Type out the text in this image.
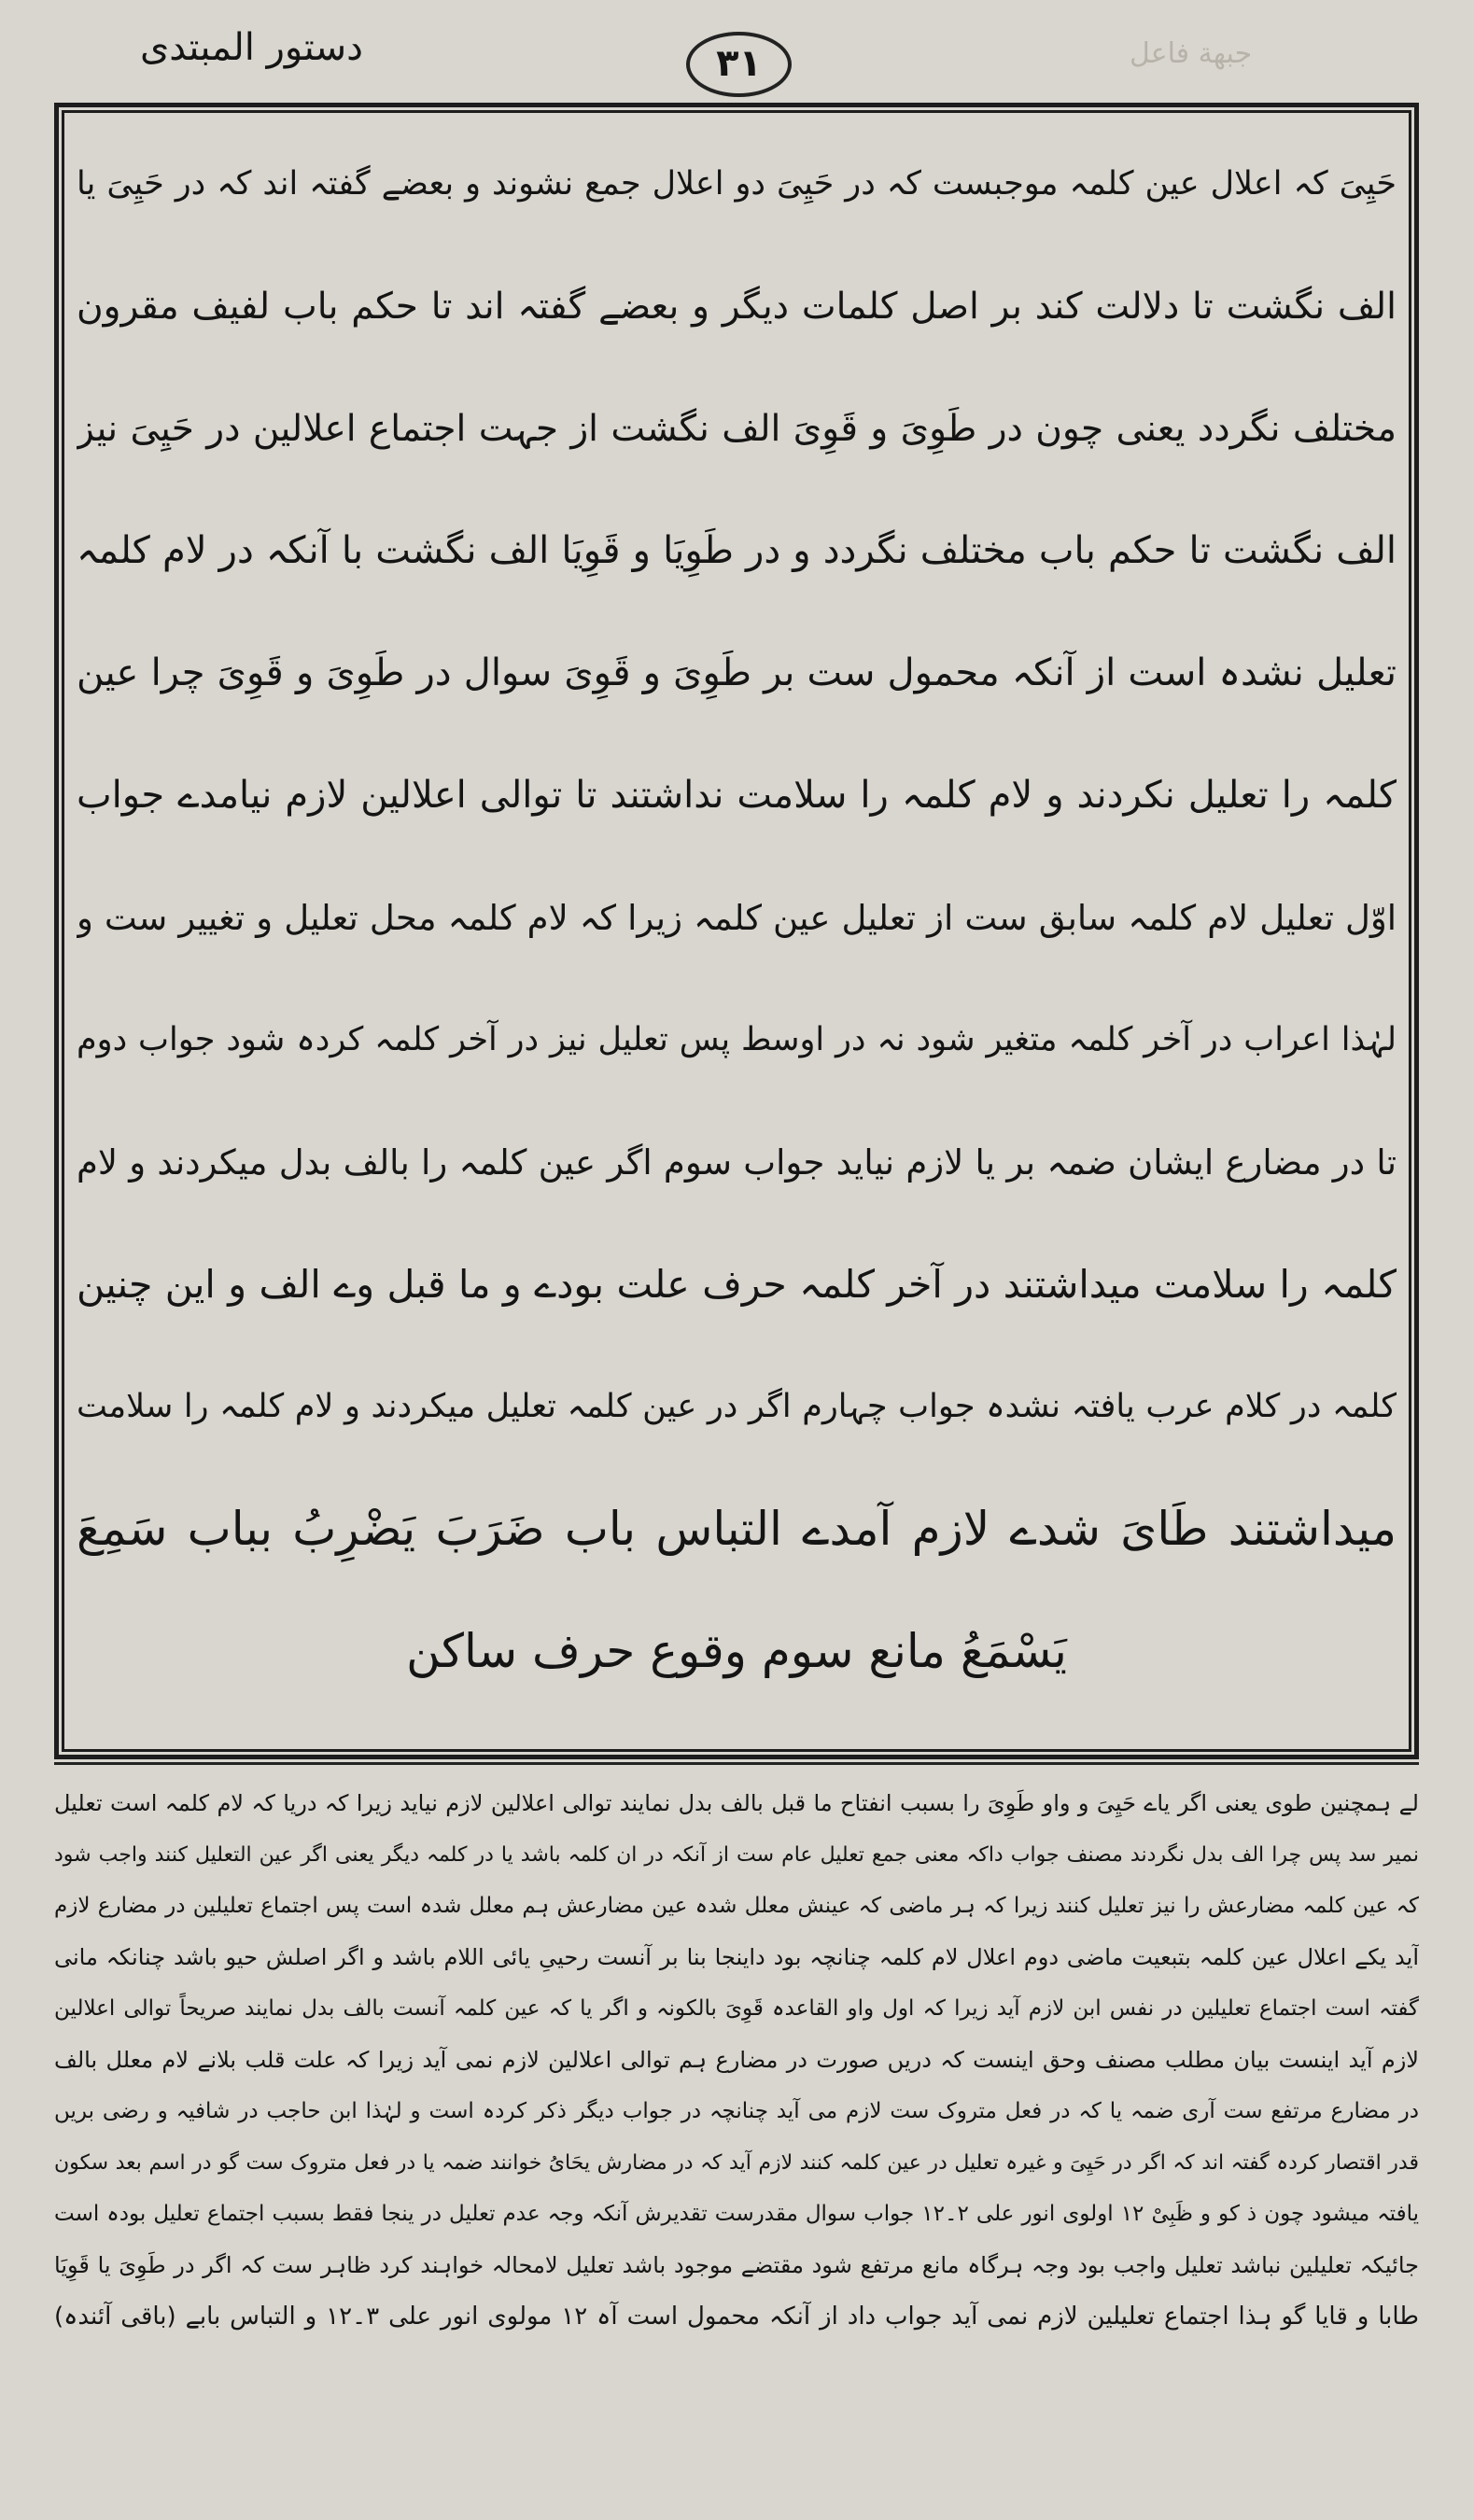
دستور المبتدی	۳۱	جبهة فاعل
حَیِیَ کہ اعلال عین کلمہ موجبست کہ در حَیِیَ دو اعلال جمع نشوند و بعضے گفتہ اند کہ در حَیِیَ یا
الف نگشت تا دلالت کند بر اصل کلمات دیگر و بعضے گفتہ اند تا حکم باب لفیف مقرون
مختلف نگردد یعنی چون در طَوِیَ و قَوِیَ الف نگشت از جہت اجتماع اعلالین در حَیِیَ نیز
الف نگشت تا حکم باب مختلف نگردد و در طَوِیَا و قَوِیَا الف نگشت با آنکہ در لام کلمہ
تعلیل نشدہ است از آنکہ محمول ست بر طَوِیَ و قَوِیَ سوال در طَوِیَ و قَوِیَ چرا عین
کلمہ را تعلیل نکردند و لام کلمہ را سلامت نداشتند تا توالی اعلالین لازم نیامدے جواب
اوّل تعلیل لام کلمہ سابق ست از تعلیل عین کلمہ زیرا کہ لام کلمہ محل تعلیل و تغییر ست و
لہٰذا اعراب در آخر کلمہ متغیر شود نہ در اوسط پس تعلیل نیز در آخر کلمہ کردہ شود جواب دوم
تا در مضارع ایشان ضمہ بر یا لازم نیاید جواب سوم اگر عین کلمہ را بالف بدل میکردند و لام
کلمہ را سلامت میداشتند در آخر کلمہ حرف علت بودے و ما قبل وے الف و این چنین
کلمہ در کلام عرب یافتہ نشدہ جواب چہارم اگر در عین کلمہ تعلیل میکردند و لام کلمہ را سلامت
میداشتند طَایَ شدے لازم آمدے التباس باب ضَرَبَ یَضْرِبُ بباب سَمِعَ
یَسْمَعُ مانع سوم وقوع حرف ساکن
لے ہمچنین طوی یعنی اگر یاے حَیِیَ و واو طَوِیَ را بسبب انفتاح ما قبل بالف بدل نمایند توالی اعلالین لازم نیاید زیرا کہ دریا کہ لام کلمہ است تعلیل
نمیر سد پس چرا الف بدل نگردند مصنف جواب داکہ معنی جمع تعلیل عام ست از آنکہ در ان کلمہ باشد یا در کلمہ دیگر یعنی اگر عین التعلیل کنند واجب شود
کہ عین کلمہ مضارعش را نیز تعلیل کنند زیرا کہ ہر ماضی کہ عینش معلل شدہ عین مضارعش ہم معلل شدہ است پس اجتماع تعلیلین در مضارع لازم
آید یکے اعلال عین کلمہ بتبعیت ماضی دوم اعلال لام کلمہ چنانچہ بود داینجا بنا بر آنست رحییِ یائی اللام باشد و اگر اصلش حیو باشد چنانکہ مانی
گفتہ است اجتماع تعلیلین در نفس ابن لازم آید زیرا کہ اول واو القاعدہ قَوِیَ بالکونہ و اگر یا کہ عین کلمہ آنست بالف بدل نمایند صریحاً توالی اعلالین
لازم آید اینست بیان مطلب مصنف وحق اینست کہ دریں صورت در مضارع ہم توالی اعلالین لازم نمی آید زیرا کہ علت قلب بلانے لام معلل بالف
در مضارع مرتفع ست آری ضمہ یا کہ در فعل متروک ست لازم می آید چنانچہ در جواب دیگر ذکر کردہ است و لہٰذا ابن حاجب در شافیہ و رضی بریں
قدر اقتصار کردہ گفتہ اند کہ اگر در حَیِیَ و غیرہ تعلیل در عین کلمہ کنند لازم آید کہ در مضارش یحَایُ خوانند ضمہ یا در فعل متروک ست گو در اسم بعد سکون
یافتہ میشود چون ذ کو و ظَبِیْ ۱۲ اولوی انور علی ۲۔۱۲ جواب سوال مقدرست تقدیرش آنکہ وجہ عدم تعلیل در ینجا فقط بسبب اجتماع تعلیل بودہ است
جائیکہ تعلیلین نباشد تعلیل واجب بود وجہ ہرگاہ مانع مرتفع شود مقتضے موجود باشد تعلیل لامحالہ خواہند کرد ظاہر ست کہ اگر در طَوِیَ یا قَوِیَا
طابا و قایا گو ہذا اجتماع تعلیلین لازم نمی آید جواب داد از آنکہ محمول است آہ ۱۲ مولوی انور علی ۳۔۱۲ و التباس بابے (باقی آئندہ)
